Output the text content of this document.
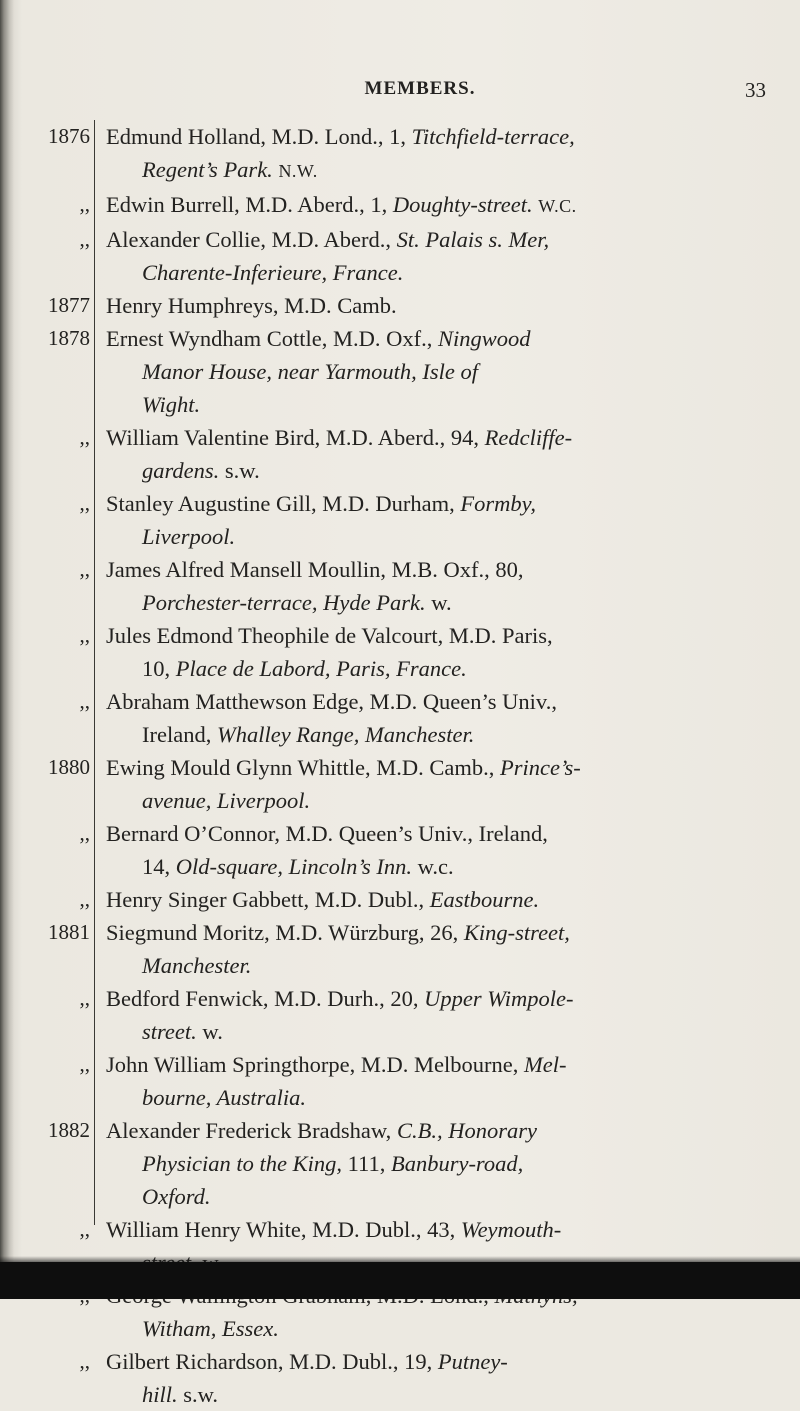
MEMBERS.	33
1876 Edmund Holland, M.D. Lond., 1, Titchfield-terrace,
Regent’s Park. N.W.
,, Edwin Burrell, M.D. Aberd., 1, Doughty-street. W.C.
,, Alexander Collie, M.D. Aberd., St. Palais s. Mer,
Charente-Inferieure, France.
1877 Henry Humphreys, M.D. Camb.
1878 Ernest Wyndham Cottle, M.D. Oxf., Ningwood
Manor House, near Yarmouth, Isle of
Wight.
,, William Valentine Bird, M.D. Aberd., 94, Redcliffe-
gardens. s.w.
,, Stanley Augustine Gill, M.D. Durham, Formby,
Liverpool.
,, James Alfred Mansell Moullin, M.B. Oxf., 80,
Porchester-terrace, Hyde Park. w.
,, Jules Edmond Theophile de Valcourt, M.D. Paris,
10, Place de Labord, Paris, France.
,, Abraham Matthewson Edge, M.D. Queen’s Univ.,
Ireland, Whalley Range, Manchester.
1880 Ewing Mould Glynn Whittle, M.D. Camb., Prince’s-
avenue, Liverpool.
,, Bernard O’Connor, M.D. Queen’s Univ., Ireland,
14, Old-square, Lincoln’s Inn. w.c.
,, Henry Singer Gabbett, M.D. Dubl., Eastbourne.
1881 Siegmund Moritz, M.D. Würzburg, 26, King-street,
Manchester.
,, Bedford Fenwick, M.D. Durh., 20, Upper Wimpole-
street. w.
,, John William Springthorpe, M.D. Melbourne, Mel-
bourne, Australia.
1882 Alexander Frederick Bradshaw, C.B., Honorary
Physician to the King, 111, Banbury-road,
Oxford.
,, William Henry White, M.D. Dubl., 43, Weymouth-
Witham, Essex.
,, Gilbert Richardson, M.D. Dubl., 19, Putney-
hill. s.w.
